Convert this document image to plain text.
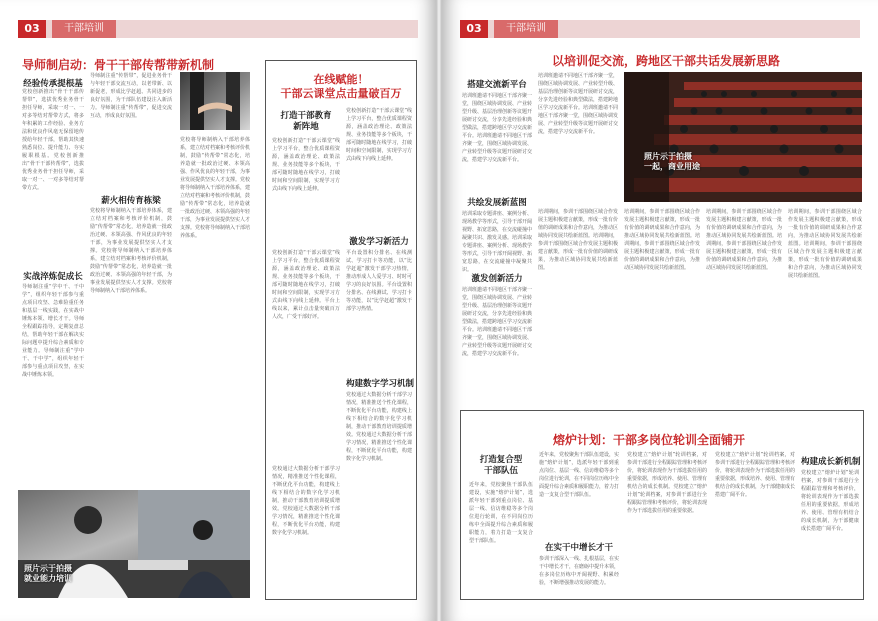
03	干部培训
导师制启动：骨干干部传帮带新机制
经验传承提根基
党校创新推出“骨干干部传帮带”，选拔优秀业务骨干担任导师，采取一对一、一对多等结对帮带方式，将多年积累的工作经验、业务方法和优良作风毫无保留地传授给年轻干部，帮助其快速熟悉岗位、提升能力、夯实履职根基。党校创新推出“骨干干部传帮带”，选拔优秀业务骨干担任导师，采取一对一、一对多等结对帮带方式。
实战淬炼促成长
导师制注重“学中干、干中学”，组织年轻干部参与重点项目攻坚、急难险重任务和基层一线实践，在实战中锤炼本领、增长才干。导师全程跟踪指导，定期复盘总结，帮助年轻干部在解决实际问题中提升综合素质和专业能力。导师制注重“学中干、干中学”，组织年轻干部参与重点项目攻坚，在实战中锤炼本领。
导师制注重“传帮带”，促进业务骨干与年轻干部交流互动，以老带新、以新促老，形成比学赶超、共同进步的良好氛围，为干部队伍建设注入新活力。导师制注重“传帮带”，促进交流互动，形成良好氛围。
薪火相传育栋梁
党校将导师制纳入干部培养体系，建立结对档案和考核评价机制，鼓励“传帮带”常态化，培养造就一批政治过硬、本领高强、作风优良的年轻干部，为事业发展提供坚实人才支撑。党校将导师制纳入干部培养体系，建立结对档案和考核评价机制，鼓励“传帮带”常态化，培养造就一批政治过硬、本领高强的年轻干部，为事业发展提供坚实人才支撑。党校将导师制纳入干部培养体系。
党校将导师制纳入干部培养体系，建立结对档案和考核评价机制，鼓励“传帮带”常态化，培养造就一批政治过硬、本领高强、作风优良的年轻干部，为事业发展提供坚实人才支撑。党校将导师制纳入干部培养体系，建立结对档案和考核评价机制，鼓励“传帮带”常态化，培养造就一批政治过硬、本领高强的年轻干部，为事业发展提供坚实人才支撑。党校将导师制纳入干部培养体系。
照片示于拍摄
就业能力培训
在线赋能！
干部云课堂点击量破百万
打造干部教育
新阵地
党校创新打造“干部云课堂”线上学习平台，整合优质课程资源，涵盖政治理论、政策法规、业务技能等多个板块，干部可随时随地在线学习，打破时间和空间限制，实现学习方式由线下向线上延伸。
党校创新打造“干部云课堂”线上学习平台，整合优质课程资源，涵盖政治理论、政策法规、业务技能等多个板块，干部可随时随地在线学习，打破时间和空间限制，实现学习方式由线下向线上延伸。平台上线以来，累计点击量突破百万人次，广受干部好评。
党校通过大数据分析干部学习情况，精准推送个性化课程，不断优化平台功能，构建线上线下相结合的数字化学习机制，推动干部教育培训提质增效。党校通过大数据分析干部学习情况，精准推送个性化课程，不断优化平台功能，构建数字化学习机制。
党校创新打造“干部云课堂”线上学习平台，整合优质课程资源，涵盖政治理论、政策法规、业务技能等多个板块，干部可随时随地在线学习，打破时间和空间限制，实现学习方式由线下向线上延伸。
激发学习新活力
平台设置积分排名、在线测试、学习打卡等功能，以“比学赶超”激发干部学习热情，推动形成人人爱学习、时时可学习的良好氛围。平台设置积分排名、在线测试、学习打卡等功能，以“比学赶超”激发干部学习热情。
构建数字学习机制
党校通过大数据分析干部学习情况，精准推送个性化课程，不断优化平台功能，构建线上线下相结合的数字化学习机制，推动干部教育培训提质增效。党校通过大数据分析干部学习情况，精准推送个性化课程，不断优化平台功能，构建数字化学习机制。
03	干部培训
以培训促交流，跨地区干部共话发展新思路
搭建交流新平台
培训班邀请不同地区干部齐聚一堂，围绕区域协调发展、产业转型升级、基层治理创新等议题开展研讨交流，分享先进经验和典型做法，搭建跨地区学习交流新平台。培训班邀请不同地区干部齐聚一堂，围绕区域协调发展、产业转型升级等议题开展研讨交流，搭建学习交流新平台。
共绘发展新蓝图
培训采取专题讲座、案例分析、现场教学等形式，引导干部开阔视野、拓宽思路，在交流碰撞中凝聚共识、激发灵感。培训采取专题讲座、案例分析、现场教学等形式，引导干部开阔视野、拓宽思路，在交流碰撞中凝聚共识。
激发创新活力
培训班邀请不同地区干部齐聚一堂，围绕区域协调发展、产业转型升级、基层治理创新等议题开展研讨交流，分享先进经验和典型做法，搭建跨地区学习交流新平台。培训班邀请不同地区干部齐聚一堂，围绕区域协调发展、产业转型升级等议题开展研讨交流，搭建学习交流新平台。
培训班邀请不同地区干部齐聚一堂，围绕区域协调发展、产业转型升级、基层治理创新等议题开展研讨交流，分享先进经验和典型做法，搭建跨地区学习交流新平台。培训班邀请不同地区干部齐聚一堂，围绕区域协调发展、产业转型升级等议题开展研讨交流，搭建学习交流新平台。
培训期间，参训干部围绕区域合作发展主题积极建言献策，形成一批有价值的调研成果和合作意向，为推动区域协同发展共绘新蓝图。培训期间，参训干部围绕区域合作发展主题积极建言献策，形成一批有价值的调研成果，为推动区域协同发展共绘新蓝图。
培训期间，参训干部围绕区域合作发展主题积极建言献策，形成一批有价值的调研成果和合作意向，为推动区域协同发展共绘新蓝图。培训期间，参训干部围绕区域合作发展主题积极建言献策，形成一批有价值的调研成果和合作意向，为推动区域协同发展共绘新蓝图。
培训期间，参训干部围绕区域合作发展主题积极建言献策，形成一批有价值的调研成果和合作意向，为推动区域协同发展共绘新蓝图。培训期间，参训干部围绕区域合作发展主题积极建言献策，形成一批有价值的调研成果和合作意向，为推动区域协同发展共绘新蓝图。
培训期间，参训干部围绕区域合作发展主题积极建言献策，形成一批有价值的调研成果和合作意向，为推动区域协同发展共绘新蓝图。培训期间，参训干部围绕区域合作发展主题积极建言献策，形成一批有价值的调研成果和合作意向，为推动区域协同发展共绘新蓝图。
照片示于拍摄
一起，商业用途
熔炉计划：干部多岗位轮训全面铺开
打造复合型
干部队伍
近年来，党校聚焦干部队伍建设，实施“熔炉计划”，选派年轻干部到重点岗位、基层一线、信访维稳等多个岗位进行轮训，在不同岗位历练中全面提升综合素质和履职能力，着力打造一支复合型干部队伍。
近年来，党校聚焦干部队伍建设，实施“熔炉计划”，选派年轻干部到重点岗位、基层一线、信访维稳等多个岗位进行轮训，在不同岗位历练中全面提升综合素质和履职能力，着力打造一支复合型干部队伍。
在实干中增长才干
参训干部深入一线、扎根基层，在实干中增长才干，在磨砺中提升本领，在多岗位历练中开阔视野、积累经验，不断增强推动发展的能力。
党校建立“熔炉计划”轮训档案，对参训干部进行全程跟踪管理和考核评价，将轮训表现作为干部选拔任用的重要依据，形成培养、使用、管理有机结合的成长机制。党校建立“熔炉计划”轮训档案，对参训干部进行全程跟踪管理和考核评价，将轮训表现作为干部选拔任用的重要依据。
党校建立“熔炉计划”轮训档案，对参训干部进行全程跟踪管理和考核评价，将轮训表现作为干部选拔任用的重要依据，形成培养、使用、管理有机结合的成长机制，为干部健康成长搭建广阔平台。
构建成长新机制
党校建立“熔炉计划”轮训档案，对参训干部进行全程跟踪管理和考核评价，将轮训表现作为干部选拔任用的重要依据，形成培养、使用、管理有机结合的成长机制，为干部健康成长搭建广阔平台。
